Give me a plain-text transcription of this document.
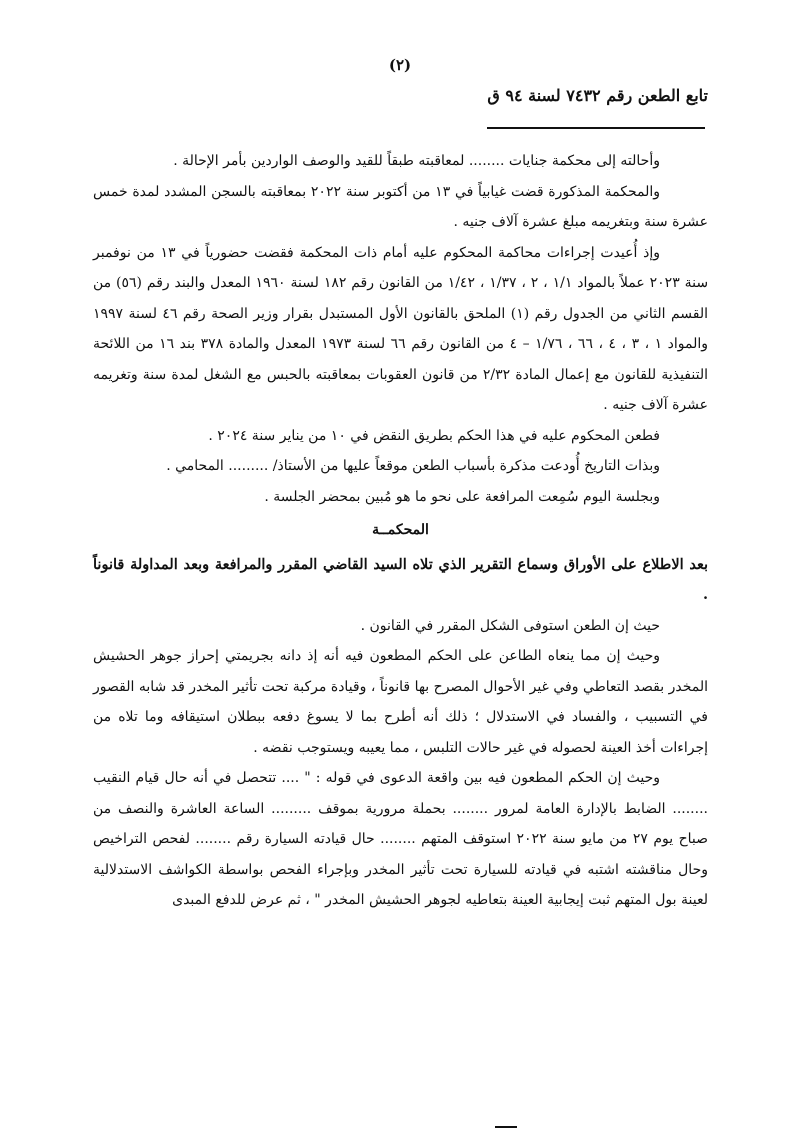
(٢)
تابع الطعن رقم ٧٤٣٢ لسنة ٩٤ ق

وأحالته إلى محكمة جنايات ........ لمعاقبته طبقاً للقيد والوصف الواردين بأمر الإحالة .

والمحكمة المذكورة قضت غيابياً في ١٣ من أكتوبر سنة ٢٠٢٢ بمعاقبته بالسجن المشدد لمدة خمس عشرة سنة وبتغريمه مبلغ عشرة آلاف جنيه .

وإذ أُعيدت إجراءات محاكمة المحكوم عليه أمام ذات المحكمة فقضت حضورياً في ١٣ من نوفمبر سنة ٢٠٢٣ عملاً بالمواد ١/١ ، ٢ ، ١/٣٧ ، ١/٤٢ من القانون رقم ١٨٢ لسنة ١٩٦٠ المعدل والبند رقم (٥٦) من القسم الثاني من الجدول رقم (١) الملحق بالقانون الأول المستبدل بقرار وزير الصحة رقم ٤٦ لسنة ١٩٩٧ والمواد ١ ، ٣ ، ٤ ، ٦٦ ، ١/٧٦ – ٤ من القانون رقم ٦٦ لسنة ١٩٧٣ المعدل والمادة ٣٧٨ بند ١٦ من اللائحة التنفيذية للقانون مع إعمال المادة ٢/٣٢ من قانون العقوبات بمعاقبته بالحبس مع الشغل لمدة سنة وتغريمه عشرة آلاف جنيه .

فطعن المحكوم عليه في هذا الحكم بطريق النقض في ١٠ من يناير سنة ٢٠٢٤ .

وبذات التاريخ أُودعت مذكرة بأسباب الطعن موقعاً عليها من الأستاذ/ ......... المحامي .

وبجلسة اليوم سُمِعت المرافعة على نحو ما هو مُبين بمحضر الجلسة .

المحكمــة

بعد الاطلاع على الأوراق وسماع التقرير الذي تلاه السيد القاضي المقرر والمرافعة وبعد المداولة قانوناً .

حيث إن الطعن استوفى الشكل المقرر في القانون .

وحيث إن مما ينعاه الطاعن على الحكم المطعون فيه أنه إذ دانه بجريمتي إحراز جوهر الحشيش المخدر بقصد التعاطي وفي غير الأحوال المصرح بها قانوناً ، وقيادة مركبة تحت تأثير المخدر قد شابه القصور في التسبيب ، والفساد في الاستدلال ؛ ذلك أنه أطرح بما لا يسوغ دفعه ببطلان استيقافه وما تلاه من إجراءات أخذ العينة لحصوله في غير حالات التلبس ، مما يعيبه ويستوجب نقضه .

وحيث إن الحكم المطعون فيه بين واقعة الدعوى في قوله : " .... تتحصل في أنه حال قيام النقيب ........ الضابط بالإدارة العامة لمرور ........ بحملة مرورية بموقف ......... الساعة العاشرة والنصف من صباح يوم ٢٧ من مايو سنة ٢٠٢٢ استوقف المتهم ........ حال قيادته السيارة رقم ........ لفحص التراخيص وحال مناقشته اشتبه في قيادته للسيارة تحت تأثير المخدر وبإجراء الفحص بواسطة الكواشف الاستدلالية لعينة بول المتهم ثبت إيجابية العينة بتعاطيه لجوهر الحشيش المخدر " ، ثم عرض للدفع المبدى
